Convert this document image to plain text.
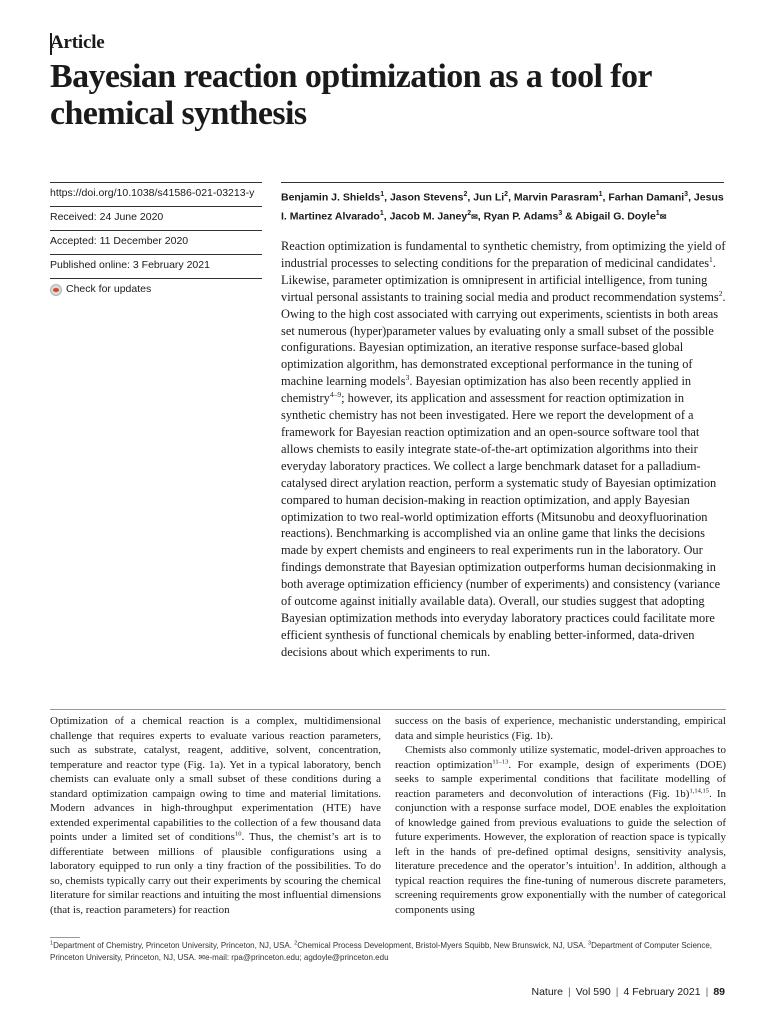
Article
Bayesian reaction optimization as a tool for chemical synthesis
https://doi.org/10.1038/s41586-021-03213-y
Received: 24 June 2020
Accepted: 11 December 2020
Published online: 3 February 2021
Check for updates
Benjamin J. Shields$^1$, Jason Stevens$^2$, Jun Li$^2$, Marvin Parasram$^1$, Farhan Damani$^3$, Jesus I. Martinez Alvarado$^1$, Jacob M. Janey$^2$✉, Ryan P. Adams$^3$ & Abigail G. Doyle$^1$✉

Reaction optimization is fundamental to synthetic chemistry, from optimizing the yield of industrial processes to selecting conditions for the preparation of medicinal candidates$^1$. Likewise, parameter optimization is omnipresent in artificial intelligence, from tuning virtual personal assistants to training social media and product recommendation systems$^2$. Owing to the high cost associated with carrying out experiments, scientists in both areas set numerous (hyper)parameter values by evaluating only a small subset of the possible configurations. Bayesian optimization, an iterative response surface-based global optimization algorithm, has demonstrated exceptional performance in the tuning of machine learning models$^3$. Bayesian optimization has also been recently applied in chemistry$^{4-9}$; however, its application and assessment for reaction optimization in synthetic chemistry has not been investigated. Here we report the development of a framework for Bayesian reaction optimization and an open-source software tool that allows chemists to easily integrate state-of-the-art optimization algorithms into their everyday laboratory practices. We collect a large benchmark dataset for a palladium-catalysed direct arylation reaction, perform a systematic study of Bayesian optimization compared to human decision-making in reaction optimization, and apply Bayesian optimization to two real-world optimization efforts (Mitsunobu and deoxyfluorination reactions). Benchmarking is accomplished via an online game that links the decisions made by expert chemists and engineers to real experiments run in the laboratory. Our findings demonstrate that Bayesian optimization outperforms human decisionmaking in both average optimization efficiency (number of experiments) and consistency (variance of outcome against initially available data). Overall, our studies suggest that adopting Bayesian optimization methods into everyday laboratory practices could facilitate more efficient synthesis of functional chemicals by enabling better-informed, data-driven decisions about which experiments to run.

Optimization of a chemical reaction is a complex, multidimensional challenge that requires experts to evaluate various reaction parameters, such as substrate, catalyst, reagent, additive, solvent, concentration, temperature and reactor type (Fig. 1a). Yet in a typical laboratory, bench chemists can evaluate only a small subset of these conditions during a standard optimization campaign owing to time and material limitations. Modern advances in high-throughput experimentation (HTE) have extended experimental capabilities to the collection of a few thousand data points under a limited set of conditions$^{10}$. Thus, the chemist’s art is to differentiate between millions of plausible configurations using a laboratory equipped to run only a tiny fraction of the possibilities. To do so, chemists typically carry out their experiments by scouring the chemical literature for similar reactions and intuiting the most influential dimensions (that is, reaction parameters) for reaction

success on the basis of experience, mechanistic understanding, empirical data and simple heuristics (Fig. 1b).

Chemists also commonly utilize systematic, model-driven approaches to reaction optimization$^{11-13}$. For example, design of experiments (DOE) seeks to sample experimental conditions that facilitate modelling of reaction parameters and deconvolution of interactions (Fig. 1b)$^{1,14,15}$. In conjunction with a response surface model, DOE enables the exploitation of knowledge gained from previous evaluations to guide the selection of future experiments. However, the exploration of reaction space is typically left in the hands of pre-defined optimal designs, sensitivity analysis, literature precedence and the operator’s intuition$^1$. In addition, although a typical reaction requires the fine-tuning of numerous discrete parameters, screening requirements grow exponentially with the number of categorical components using

$^1$Department of Chemistry, Princeton University, Princeton, NJ, USA. $^2$Chemical Process Development, Bristol-Myers Squibb, New Brunswick, NJ, USA. $^3$Department of Computer Science, Princeton University, Princeton, NJ, USA. ✉e-mail: rpa@princeton.edu; agdoyle@princeton.edu

Nature | Vol 590 | 4 February 2021 | 89
